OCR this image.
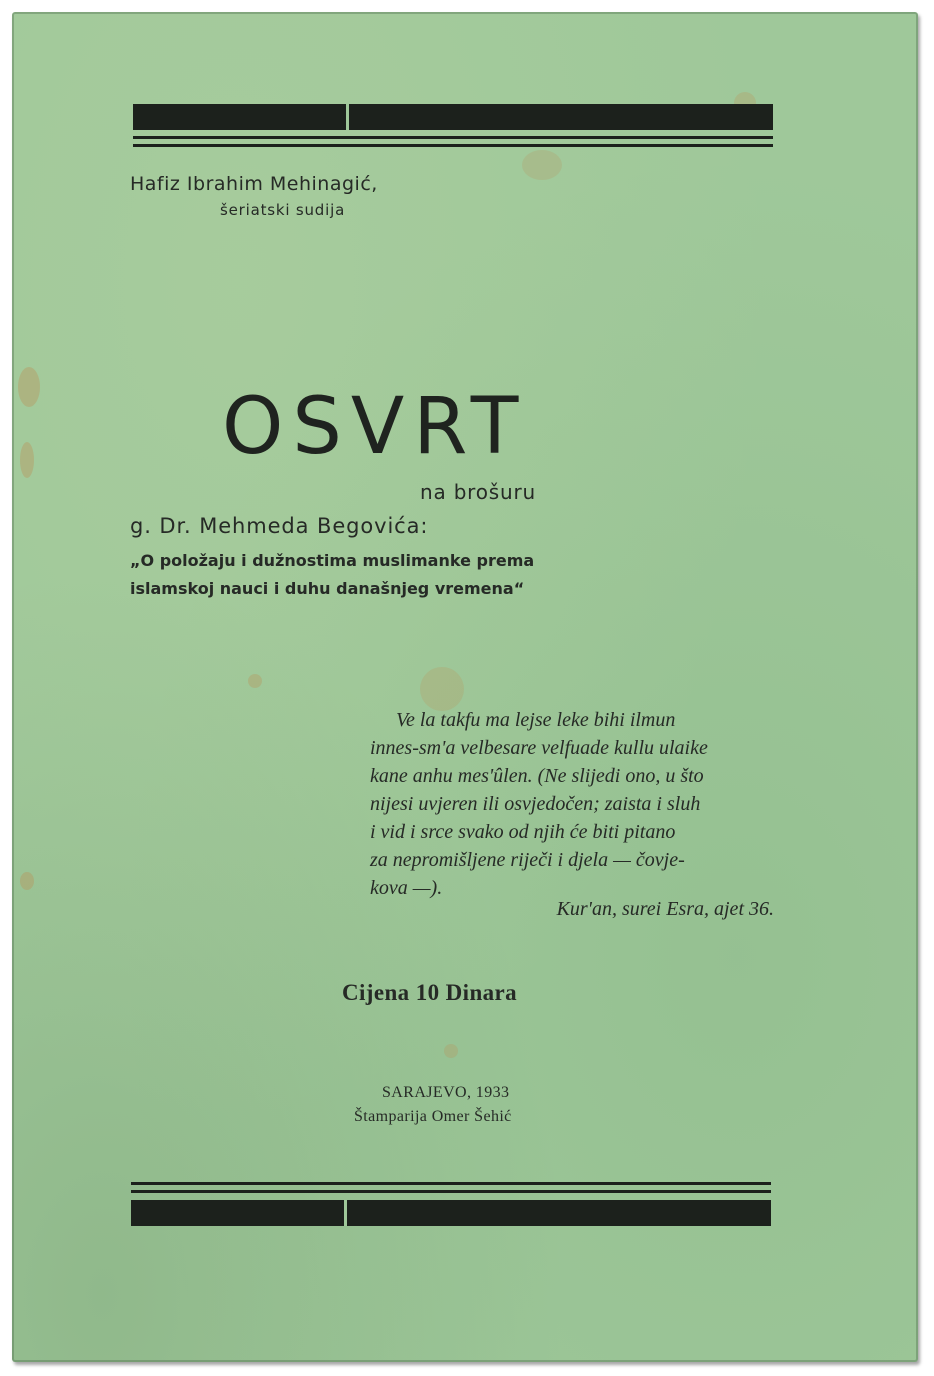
Hafiz Ibrahim Mehinagić,
šeriatski sudija
OSVRT
na brošuru
g. Dr. Mehmeda Begovića:
„O položaju i dužnostima muslimanke prema
islamskoj nauci i duhu današnjeg vremena“
Ve la takfu ma lejse leke bihi ilmun
innes-sm'a velbesare velfuade kullu ulaike
kane anhu mes'ûlen. (Ne slijedi ono, u što
nijesi uvjeren ili osvjedočen; zaista i sluh
i vid i srce svako od njih će biti pitano
za nepromišljene riječi i djela — čovje-
kova —).
Kur'an, surei Esra, ajet 36.
Cijena 10 Dinara
SARAJEVO, 1933
Štamparija Omer Šehić
